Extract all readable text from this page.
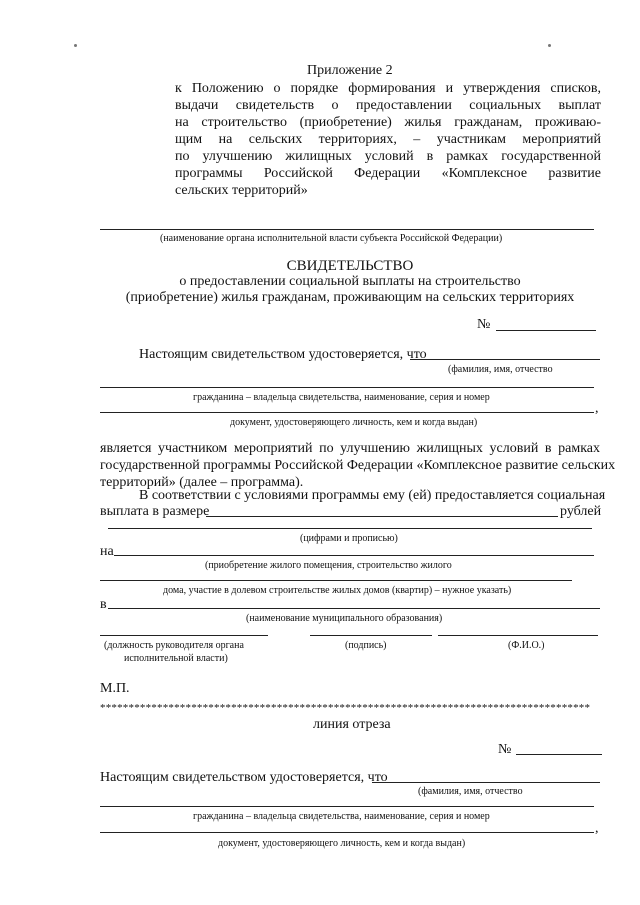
Приложение 2
к Положению о порядке формирования и утверждения списков,
выдачи свидетельств о предоставлении социальных выплат
на строительство (приобретение) жилья гражданам, проживаю-
щим на сельских территориях, – участникам мероприятий
по улучшению жилищных условий в рамках государственной
программы Российской Федерации «Комплексное развитие
сельских территорий»
(наименование органа исполнительной власти субъекта Российской Федерации)
СВИДЕТЕЛЬСТВО
о предоставлении социальной выплаты на строительство
(приобретение) жилья гражданам, проживающим на сельских территориях
№
Настоящим свидетельством удостоверяется, что
(фамилия, имя, отчество
гражданина – владельца свидетельства, наименование, серия и номер
,
документ, удостоверяющего личность, кем и когда выдан)
является участником мероприятий по улучшению жилищных условий в рамках
государственной программы Российской Федерации «Комплексное развитие сельских
территорий» (далее – программа).
В соответствии с условиями программы ему (ей) предоставляется социальная
выплата в размере	рублей
(цифрами и прописью)
на
(приобретение жилого помещения, строительство жилого
дома, участие в долевом строительстве жилых домов (квартир) – нужное указать)
в
(наименование муниципального образования)
(должность руководителя органа
исполнительной власти)
(подпись)	(Ф.И.О.)
М.П.
**************************************************************************************
линия отреза
№
Настоящим свидетельством удостоверяется, что
(фамилия, имя, отчество
гражданина – владельца свидетельства, наименование, серия и номер
,
документ, удостоверяющего личность, кем и когда выдан)
